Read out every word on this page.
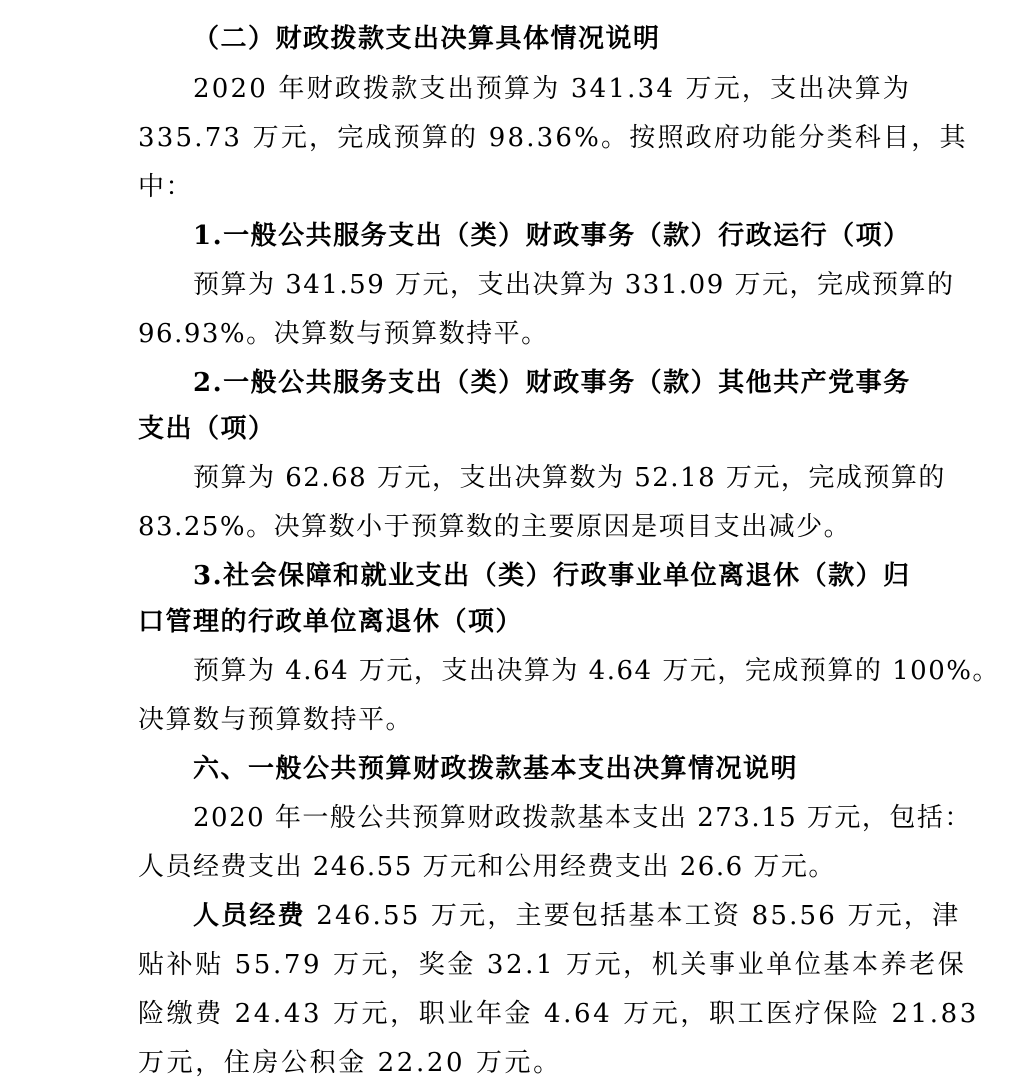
（二）财政拨款支出决算具体情况说明
2020 年财政拨款支出预算为 341.34 万元，支出决算为
335.73 万元，完成预算的 98.36%。按照政府功能分类科目，其
中：
1.一般公共服务支出（类）财政事务（款）行政运行（项）
预算为 341.59 万元，支出决算为 331.09 万元，完成预算的
96.93%。决算数与预算数持平。
2.一般公共服务支出（类）财政事务（款）其他共产党事务
支出（项）
预算为 62.68 万元，支出决算数为 52.18 万元，完成预算的
83.25%。决算数小于预算数的主要原因是项目支出减少。
3.社会保障和就业支出（类）行政事业单位离退休（款）归
口管理的行政单位离退休（项）
预算为 4.64 万元，支出决算为 4.64 万元，完成预算的 100%。
决算数与预算数持平。
六、一般公共预算财政拨款基本支出决算情况说明
2020 年一般公共预算财政拨款基本支出 273.15 万元，包括：
人员经费支出 246.55 万元和公用经费支出 26.6 万元。
人员经费 246.55 万元，主要包括基本工资 85.56 万元，津
贴补贴 55.79 万元，奖金 32.1 万元，机关事业单位基本养老保
险缴费 24.43 万元，职业年金 4.64 万元，职工医疗保险 21.83
万元，住房公积金 22.20 万元。
